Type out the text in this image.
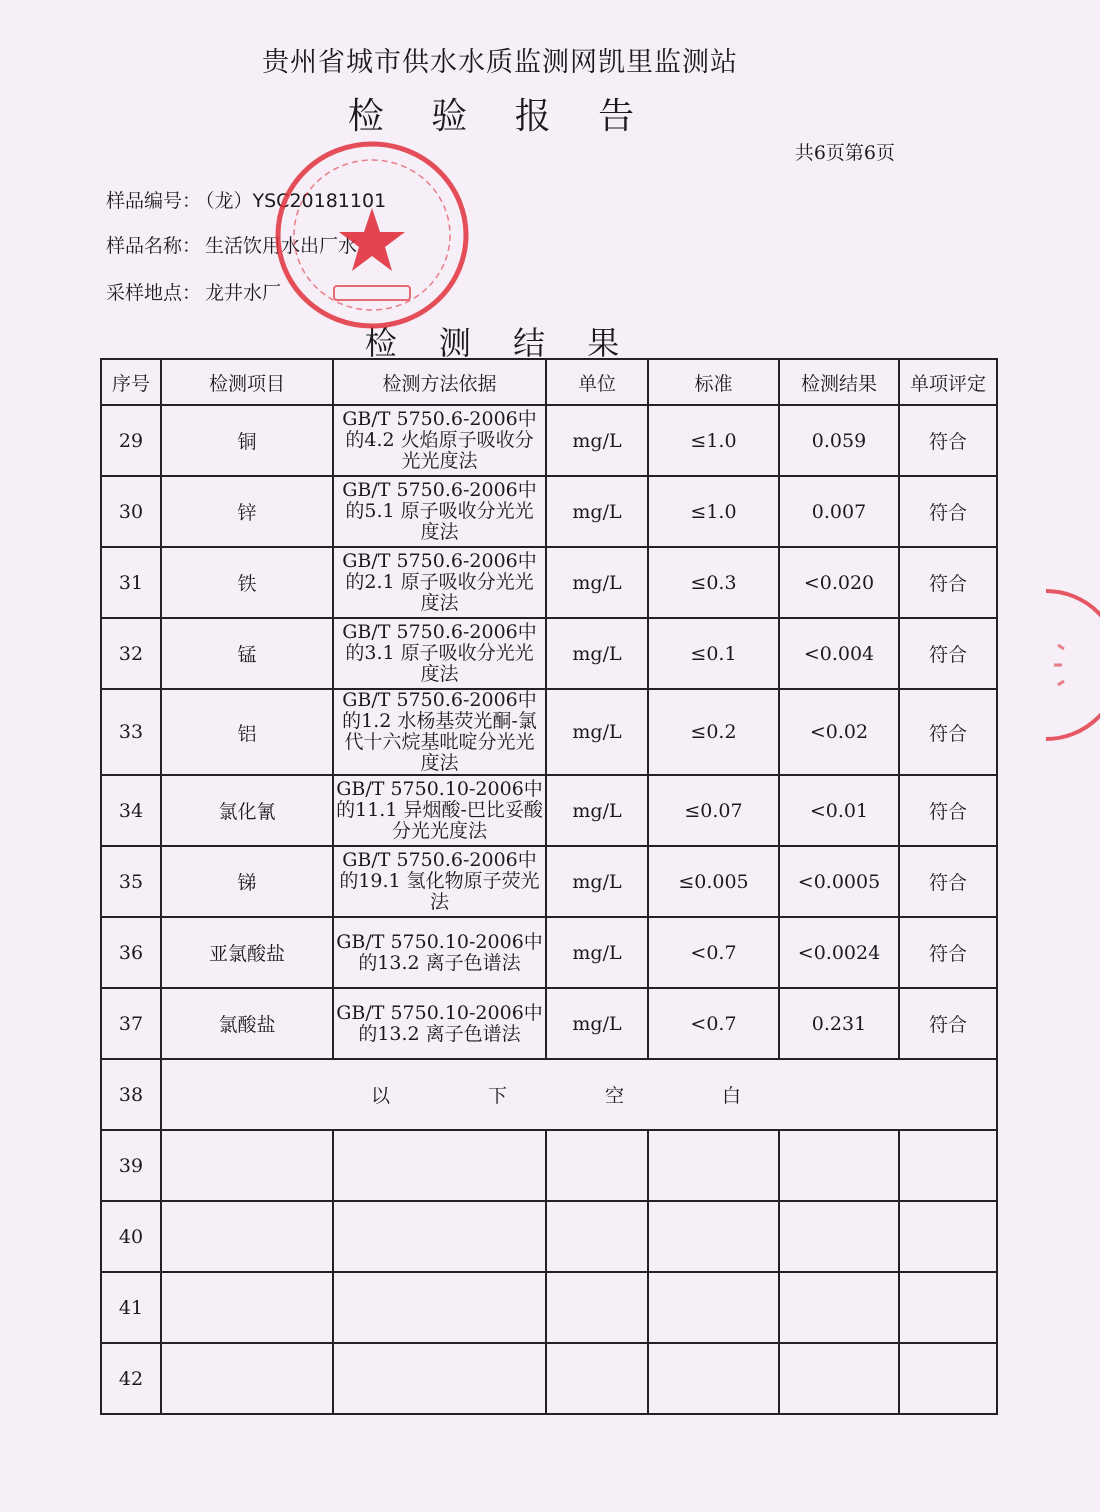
贵州省城市供水水质监测网凯里监测站
检 验 报 告
共6页第6页
样品编号： （龙）YSC20181101
样品名称： 生活饮用水出厂水
采样地点： 龙井水厂
检 测 结 果
序号	检测项目	检测方法依据	单位	标准	检测结果	单项评定
29	铜	GB/T 5750.6-2006中的4.2 火焰原子吸收分光光度法	mg/L	≤1.0	0.059	符合
30	锌	GB/T 5750.6-2006中的5.1 原子吸收分光光度法	mg/L	≤1.0	0.007	符合
31	铁	GB/T 5750.6-2006中的2.1 原子吸收分光光度法	mg/L	≤0.3	<0.020	符合
32	锰	GB/T 5750.6-2006中的3.1 原子吸收分光光度法	mg/L	≤0.1	<0.004	符合
33	铝	GB/T 5750.6-2006中的1.2 水杨基荧光酮-氯代十六烷基吡啶分光光度法	mg/L	≤0.2	<0.02	符合
34	氯化氰	GB/T 5750.10-2006中的11.1 异烟酸-巴比妥酸分光光度法	mg/L	≤0.07	<0.01	符合
35	锑	GB/T 5750.6-2006中的19.1 氢化物原子荧光法	mg/L	≤0.005	<0.0005	符合
36	亚氯酸盐	GB/T 5750.10-2006中的13.2 离子色谱法	mg/L	<0.7	<0.0024	符合
37	氯酸盐	GB/T 5750.10-2006中的13.2 离子色谱法	mg/L	<0.7	0.231	符合
38	以 下 空 白					
39						
40						
41						
42						
